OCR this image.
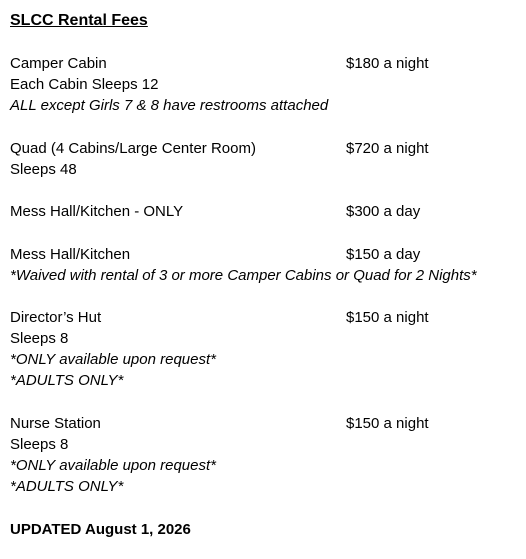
SLCC Rental Fees
Camper Cabin	$180 a night
Each Cabin Sleeps 12
ALL except Girls 7 & 8 have restrooms attached
Quad (4 Cabins/Large Center Room)	$720 a night
Sleeps 48
Mess Hall/Kitchen - ONLY	$300 a day
Mess Hall/Kitchen	$150 a day
*Waived with rental of 3 or more Camper Cabins or Quad for 2 Nights*
Director’s Hut	$150 a night
Sleeps 8
*ONLY available upon request*
*ADULTS ONLY*
Nurse Station	$150 a night
Sleeps 8
*ONLY available upon request*
*ADULTS ONLY*
UPDATED August 1, 2026
